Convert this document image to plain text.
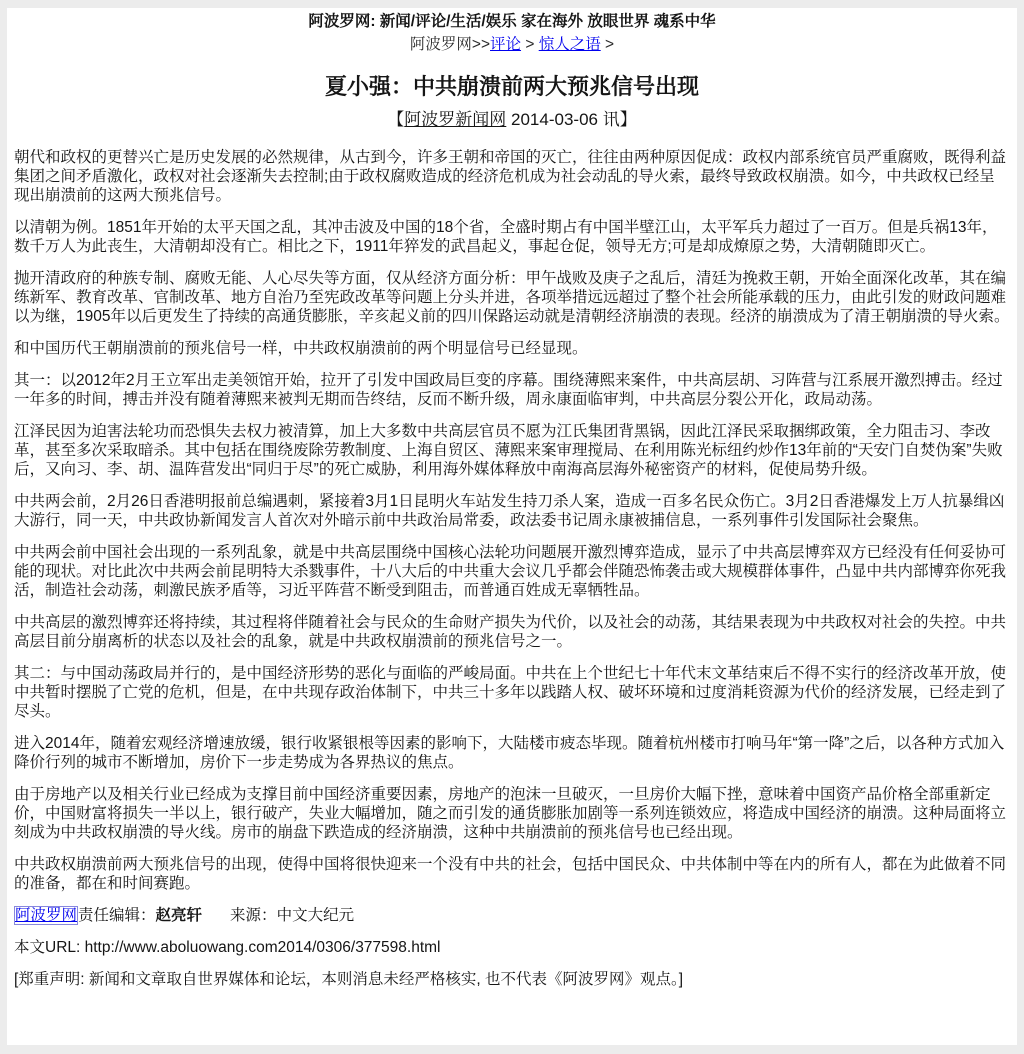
阿波罗网: 新闻/评论/生活/娱乐 家在海外 放眼世界 魂系中华
阿波罗网>>评论 > 惊人之语 >
夏小强：中共崩溃前两大预兆信号出现
【阿波罗新闻网 2014-03-06 讯】

朝代和政权的更替兴亡是历史发展的必然规律，从古到今，许多王朝和帝国的灭亡，往往由两种原因促成：政权内部系统官员严重腐败，既得利益集团之间矛盾激化，政权对社会逐渐失去控制;由于政权腐败造成的经济危机成为社会动乱的导火索，最终导致政权崩溃。如今，中共政权已经呈现出崩溃前的这两大预兆信号。

以清朝为例。1851年开始的太平天国之乱，其冲击波及中国的18个省，全盛时期占有中国半壁江山，太平军兵力超过了一百万。但是兵祸13年，数千万人为此丧生，大清朝却没有亡。相比之下，1911年猝发的武昌起义，事起仓促，领导无方;可是却成燎原之势，大清朝随即灭亡。

抛开清政府的种族专制、腐败无能、人心尽失等方面，仅从经济方面分析：甲午战败及庚子之乱后，清廷为挽救王朝，开始全面深化改革，其在编练新军、教育改革、官制改革、地方自治乃至宪政改革等问题上分头并进，各项举措远远超过了整个社会所能承载的压力，由此引发的财政问题难以为继，1905年以后更发生了持续的高通货膨胀，辛亥起义前的四川保路运动就是清朝经济崩溃的表现。经济的崩溃成为了清王朝崩溃的导火索。

和中国历代王朝崩溃前的预兆信号一样，中共政权崩溃前的两个明显信号已经显现。

其一：以2012年2月王立军出走美领馆开始，拉开了引发中国政局巨变的序幕。围绕薄熙来案件，中共高层胡、习阵营与江系展开激烈搏击。经过一年多的时间，搏击并没有随着薄熙来被判无期而告终结，反而不断升级，周永康面临审判，中共高层分裂公开化，政局动荡。

江泽民因为迫害法轮功而恐惧失去权力被清算，加上大多数中共高层官员不愿为江氏集团背黑锅，因此江泽民采取捆绑政策，全力阻击习、李改革，甚至多次采取暗杀。其中包括在围绕废除劳教制度、上海自贸区、薄熙来案审理搅局、在利用陈光标纽约炒作13年前的“天安门自焚伪案”失败后，又向习、李、胡、温阵营发出“同归于尽”的死亡威胁，利用海外媒体释放中南海高层海外秘密资产的材料，促使局势升级。

中共两会前，2月26日香港明报前总编遇刺，紧接着3月1日昆明火车站发生持刀杀人案，造成一百多名民众伤亡。3月2日香港爆发上万人抗暴缉凶大游行，同一天，中共政协新闻发言人首次对外暗示前中共政治局常委，政法委书记周永康被捕信息，一系列事件引发国际社会聚焦。

中共两会前中国社会出现的一系列乱象，就是中共高层围绕中国核心法轮功问题展开激烈博弈造成，显示了中共高层博弈双方已经没有任何妥协可能的现状。对比此次中共两会前昆明特大杀戮事件，十八大后的中共重大会议几乎都会伴随恐怖袭击或大规模群体事件，凸显中共内部博弈你死我活，制造社会动荡，刺激民族矛盾等，习近平阵营不断受到阻击，而普通百姓成无辜牺牲品。

中共高层的激烈博弈还将持续，其过程将伴随着社会与民众的生命财产损失为代价，以及社会的动荡，其结果表现为中共政权对社会的失控。中共高层目前分崩离析的状态以及社会的乱象，就是中共政权崩溃前的预兆信号之一。

其二：与中国动荡政局并行的，是中国经济形势的恶化与面临的严峻局面。中共在上个世纪七十年代末文革结束后不得不实行的经济改革开放，使中共暂时摆脱了亡党的危机，但是，在中共现存政治体制下，中共三十多年以践踏人权、破坏环境和过度消耗资源为代价的经济发展，已经走到了尽头。

进入2014年，随着宏观经济增速放缓，银行收紧银根等因素的影响下，大陆楼市疲态毕现。随着杭州楼市打响马年“第一降”之后，以各种方式加入降价行列的城市不断增加，房价下一步走势成为各界热议的焦点。

由于房地产以及相关行业已经成为支撑目前中国经济重要因素，房地产的泡沫一旦破灭，一旦房价大幅下挫，意味着中国资产品价格全部重新定价，中国财富将损失一半以上，银行破产，失业大幅增加，随之而引发的通货膨胀加剧等一系列连锁效应，将造成中国经济的崩溃。这种局面将立刻成为中共政权崩溃的导火线。房市的崩盘下跌造成的经济崩溃，这种中共崩溃前的预兆信号也已经出现。

中共政权崩溃前两大预兆信号的出现，使得中国将很快迎来一个没有中共的社会，包括中国民众、中共体制中等在内的所有人，都在为此做着不同的准备，都在和时间赛跑。

阿波罗网责任编辑：赵亮轩 来源：中文大纪元
本文URL: http://www.aboluowang.com2014/0306/377598.html
[郑重声明: 新闻和文章取自世界媒体和论坛，本则消息未经严格核实, 也不代表《阿波罗网》观点。]
